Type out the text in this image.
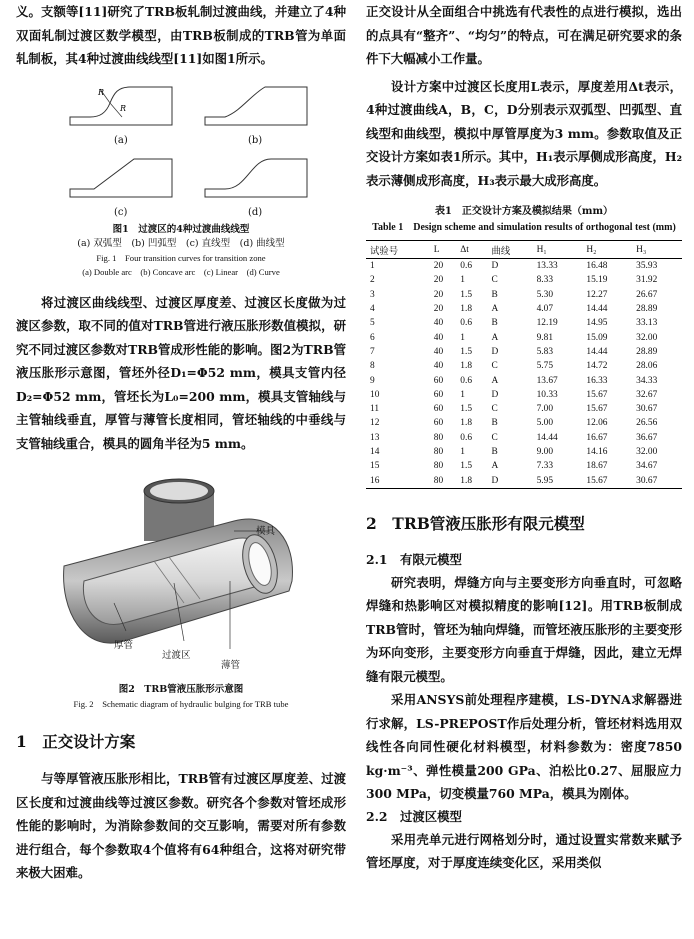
义。支额等[11]研究了TRB板轧制过渡曲线，并建立了4种双面轧制过渡区数学模型，由TRB板制成的TRB管为单面轧制板，其4种过渡曲线线型[11]如图1所示。

R
R
(a)	(b)
(c)	(d)

图1　过渡区的4种过渡曲线线型

(a) 双弧型　(b) 凹弧型　(c) 直线型　(d) 曲线型

Fig. 1　Four transition curves for transition zone

(a) Double arc　(b) Concave arc　(c) Linear　(d) Curve

将过渡区曲线线型、过渡区厚度差、过渡区长度做为过渡区参数，取不同的值对TRB管进行液压胀形数值模拟，研究不同过渡区参数对TRB管成形性能的影响。图2为TRB管液压胀形示意图，管坯外径D₁=Φ52 mm，模具支管内径D₂=Φ52 mm，管坯长为L₀=200 mm，模具支管轴线与主管轴线垂直，厚管与薄管长度相同，管坯轴线的中垂线与支管轴线重合，模具的圆角半径为5 mm。

模具
厚管
过渡区
薄管

图2　TRB管液压胀形示意图

Fig. 2　Schematic diagram of hydraulic bulging for TRB tube

1　正交设计方案

与等厚管液压胀形相比，TRB管有过渡区厚度差、过渡区长度和过渡曲线等过渡区参数。研究各个参数对管坯成形性能的影响时，为消除参数间的交互影响，需要对所有参数进行组合，每个参数取4个值将有64种组合，这将对研究带来极大困难。

正交设计从全面组合中挑选有代表性的点进行模拟，选出的点具有“整齐”、“均匀”的特点，可在满足研究要求的条件下大幅减小工作量。

设计方案中过渡区长度用L表示，厚度差用Δt表示，4种过渡曲线A，B，C，D分别表示双弧型、凹弧型、直线型和曲线型，模拟中厚管厚度为3 mm。参数取值及正交设计方案如表1所示。其中，H₁表示厚侧成形高度，H₂表示薄侧成形高度，H₃表示最大成形高度。

表1　正交设计方案及模拟结果（mm）

Table 1　Design scheme and simulation results of orthogonal test (mm)

试验号	L	Δt	曲线	H₁	H₂	H₃
1	20	0.6	D	13.33	16.48	35.93
2	20	1	C	8.33	15.19	31.92
3	20	1.5	B	5.30	12.27	26.67
4	20	1.8	A	4.07	14.44	28.89
5	40	0.6	B	12.19	14.95	33.13
6	40	1	A	9.81	15.09	32.00
7	40	1.5	D	5.83	14.44	28.89
8	40	1.8	C	5.75	14.72	28.06
9	60	0.6	A	13.67	16.33	34.33
10	60	1	D	10.33	15.67	32.67
11	60	1.5	C	7.00	15.67	30.67
12	60	1.8	B	5.00	12.06	26.56
13	80	0.6	C	14.44	16.67	36.67
14	80	1	B	9.00	14.16	32.00
15	80	1.5	A	7.33	18.67	34.67
16	80	1.8	D	5.95	15.67	30.67

2　TRB管液压胀形有限元模型

2.1　有限元模型

研究表明，焊缝方向与主要变形方向垂直时，可忽略焊缝和热影响区对模拟精度的影响[12]。用TRB板制成TRB管时，管坯为轴向焊缝，而管坯液压胀形的主要变形为环向变形，主要变形方向垂直于焊缝，因此，建立无焊缝有限元模型。

采用ANSYS前处理程序建模，LS-DYNA求解器进行求解，LS-PREPOST作后处理分析，管坯材料选用双线性各向同性硬化材料模型，材料参数为：密度7850 kg·m⁻³、弹性模量200 GPa、泊松比0.27、屈服应力300 MPa，切变模量760 MPa，模具为刚体。

2.2　过渡区模型

采用壳单元进行网格划分时，通过设置实常数来赋予管坯厚度，对于厚度连续变化区，采用类似
